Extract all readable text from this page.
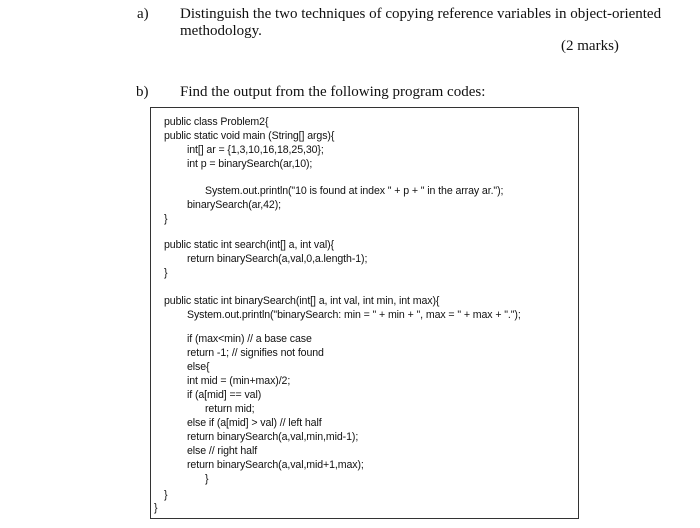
a) Distinguish the two techniques of copying reference variables in object-oriented
methodology.
(2 marks)
b) Find the output from the following program codes:
public class Problem2{
public static void main (String[] args){
int[] ar = {1,3,10,16,18,25,30};
int p = binarySearch(ar,10);
System.out.println("10 is found at index " + p + " in the array ar.");
binarySearch(ar,42);
}
public static int search(int[] a, int val){
return binarySearch(a,val,0,a.length-1);
}
public static int binarySearch(int[] a, int val, int min, int max){
System.out.println("binarySearch: min = " + min + ", max = " + max + ".");
if (max<min) // a base case
return -1; // signifies not found
else{
int mid = (min+max)/2;
if (a[mid] == val)
return mid;
else if (a[mid] > val) // left half
return binarySearch(a,val,min,mid-1);
else // right half
return binarySearch(a,val,mid+1,max);
}
}
}
